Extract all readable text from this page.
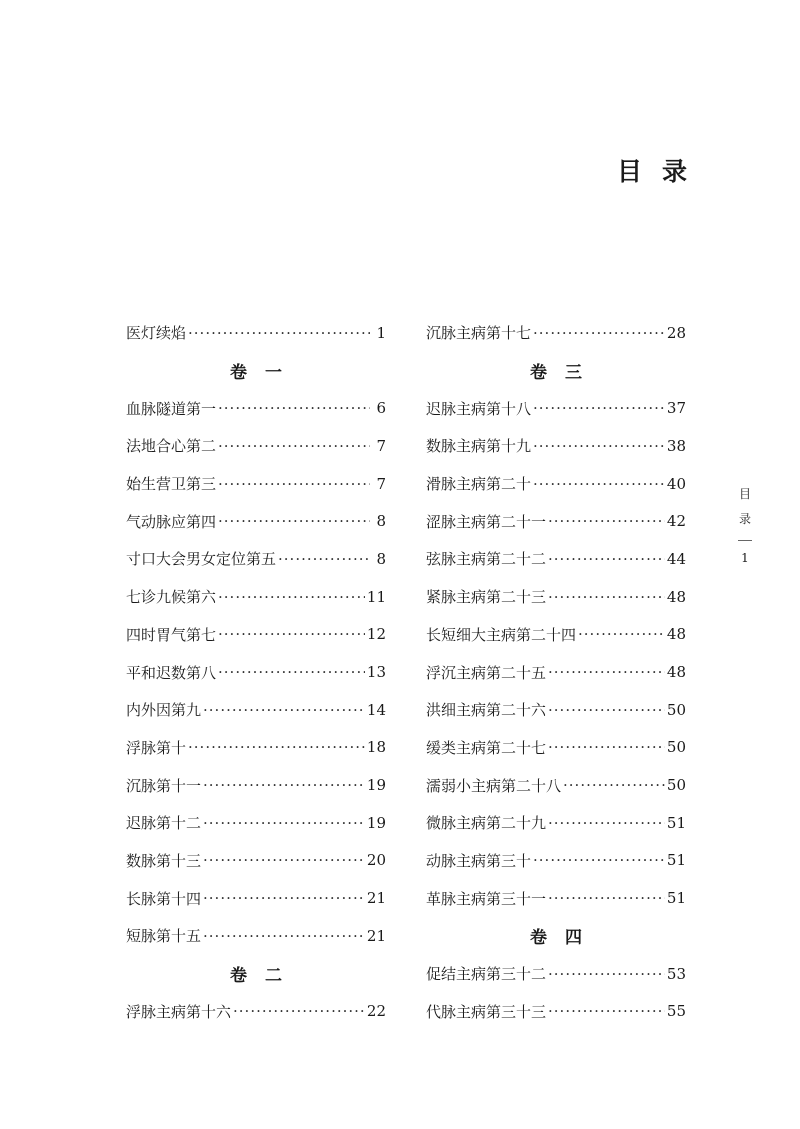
目 录
医灯续焰 ·····	1
卷 一
血脉隧道第一 ·····	6
法地合心第二 ·····	7
始生营卫第三 ·····	7
气动脉应第四 ·····	8
寸口大会男女定位第五 ·····	8
七诊九候第六 ·····	11
四时胃气第七 ·····	12
平和迟数第八 ·····	13
内外因第九 ·····	14
浮脉第十 ·····	18
沉脉第十一 ·····	19
迟脉第十二 ·····	19
数脉第十三 ·····	20
长脉第十四 ·····	21
短脉第十五 ·····	21
卷 二
浮脉主病第十六 ·····	22
沉脉主病第十七 ·····	28
卷 三
迟脉主病第十八 ·····	37
数脉主病第十九 ·····	38
滑脉主病第二十 ·····	40
涩脉主病第二十一 ·····	42
弦脉主病第二十二 ·····	44
紧脉主病第二十三 ·····	48
长短细大主病第二十四 ·····	48
浮沉主病第二十五 ·····	48
洪细主病第二十六 ·····	50
缓类主病第二十七 ·····	50
濡弱小主病第二十八 ·····	50
微脉主病第二十九 ·····	51
动脉主病第三十 ·····	51
革脉主病第三十一 ·····	51
卷 四
促结主病第三十二 ·····	53
代脉主病第三十三 ·····	55
目
录
1
